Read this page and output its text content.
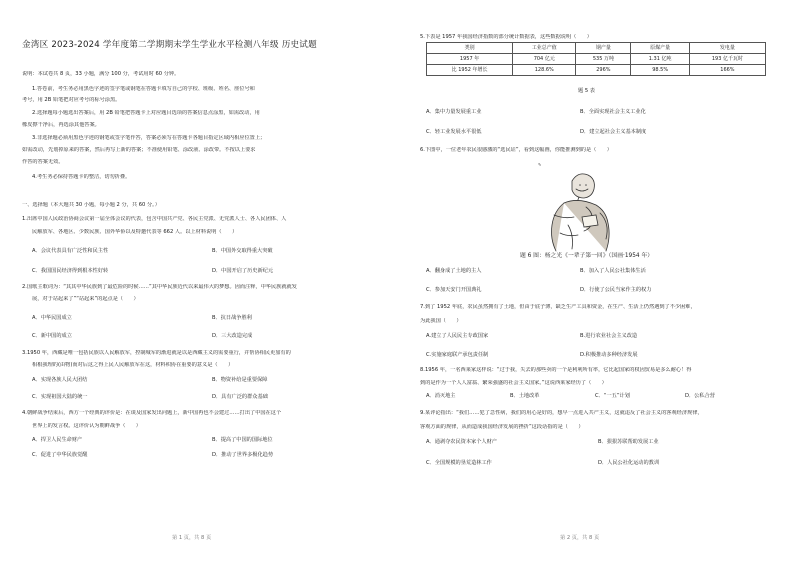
金湾区 2023-2024 学年度第二学期期末学生学业水平检测八年级 历史试题
说明：本试卷共 8 页，33 小题，满分 100 分，考试用时 60 分钟。
1.答卷前，考生务必用黑色字迹的签字笔或钢笔在答题卡填写自己的学校、班级、姓名、座位号和
考号，用 2B 铅笔把对应考号的标号涂黑。
2.选择题每小题选出答案后，用 2B 铅笔把答题卡上对应题目选项的答案信息点涂黑，如需改动，用
橡皮擦干净后，再选涂其他答案。
3.非选择题必须用黑色字迹的钢笔或签字笔作答，答案必须写在答题卡各题目指定区域内相应位置上；
如需改动，先划掉原来的答案，然后再写上新的答案；不准使用铅笔、涂改液、涂改带。不按以上要求
作答的答案无效。
4.考生务必保持答题卡的整洁，切勿折叠。
一、选择题（本大题共 30 小题，每小题 2 分，共 60 分。）
1.出席中国人民政治协商会议第一届全体会议的代表，包含中国共产党、各民主党派、无党派人士、各人民团体、人
民解放军、各地区、少数民族、国外华侨以及特邀代表等 662 人。以上材料说明（　　）
A．会议代表具有广泛性和民主性	B．中国外交取得重大突破
C．我国国民经济得到根本性好转	D．中国开启了历史新纪元
2.国歌主歌词为：“其其中华民族到了最危险的时候……”其中华民族近代以来最伟大的梦想。因而注释，中华民族就就发
展，对于站起来了”“站起来”的起点是（　　）
A．中华民国成立	B．抗日战争胜利
C．新中国的成立	D．三大改造完成
3.1950 年，西藏是唯一包括民族以人民解放军，控制城军的渐进就是以是西藏主义的需要重行，并帮协相民更加有的
相根我理的(由物)而对后这之得上民人民解放军在这，材料积协在重要的意义是（　　）
A．实现各族人民大团结	B．物资补给是重要保障
C．实现祖国大陆的统一	D．具有广泛的群众基础
4.朝鲜战争结束后，西方一个经典的评价是：在谈及国家发出问题上，新中国再也不会建过……打出了中国在这个
世界上的发言权。这评价认为朝鲜战争（　　）
A．捍卫人民生命财产	B．提高了中国的国际地位
C．促进了中华民族觉醒	D．推动了世界多极化趋势
第 1 页，共 8 页
5.下表是 1957 年我国经济指数的部分统计数据表，这些数据说明（　　）
类别	工业总产值	钢产量	原煤产量	发电量
1957 年	704 亿元	535 万吨	1.31 亿吨	193 亿千瓦时
比 1952 年增长	128.6%	296%	98.5%	166%
题 5 表
A．集中力量发展重工业	B．全面实现社会主义工业化
C．轻工业发展水平很低	D．建立起社会主义基本制度
6.下图中，一位老年农民很感激的“选民证”，看到这幅画，你能推测到的是（　　）
✎
题 6 图：杨之光《一辈子第一回》（国画·1954 年）
A．翻身成了土地的主人	B．加入了人民公社集体生活
C．参加天安门开国典礼	D．行使了公民当家作主的权力
7.到了 1952 年底，农民虽然拥有了土地，但由于底子薄，缺乏生产工具和资金，在生产、生活上仍然遇到了不少困难，
为此我国（　　）
A.建立了人民民主专政国家	B.进行农业社会主义改造
C.实施家庭联产承包责任制	D.积极推动多种经济发展
8.1956 年，一名西莱家这样说：“过于我，失去的那些卖的一个是利利所有率，它比起国家的权因贸易是多么耐心！得
到的是作为一个人人富翁、繁荣强盛的社会主义国家。”这说西莱家经历了（　　）
A．消灭地主	B．土地改革	C．“一五”计划	D．公私合营
9.某评论指出：“我们……犯了急性病，我们的用心是好的，想早一点进入共产主义，这就违反了社会主义的客观经济规律，
客观方面的规律，从而造成我国经济发展的挫折”这段话指的是（　　）
A．通剥夺农民资本家个人财产	B．狠狠苏联帮助发展工业
C．全国规模的垦荒造林工作	D．人民公社化运动的教训
第 2 页，共 8 页
